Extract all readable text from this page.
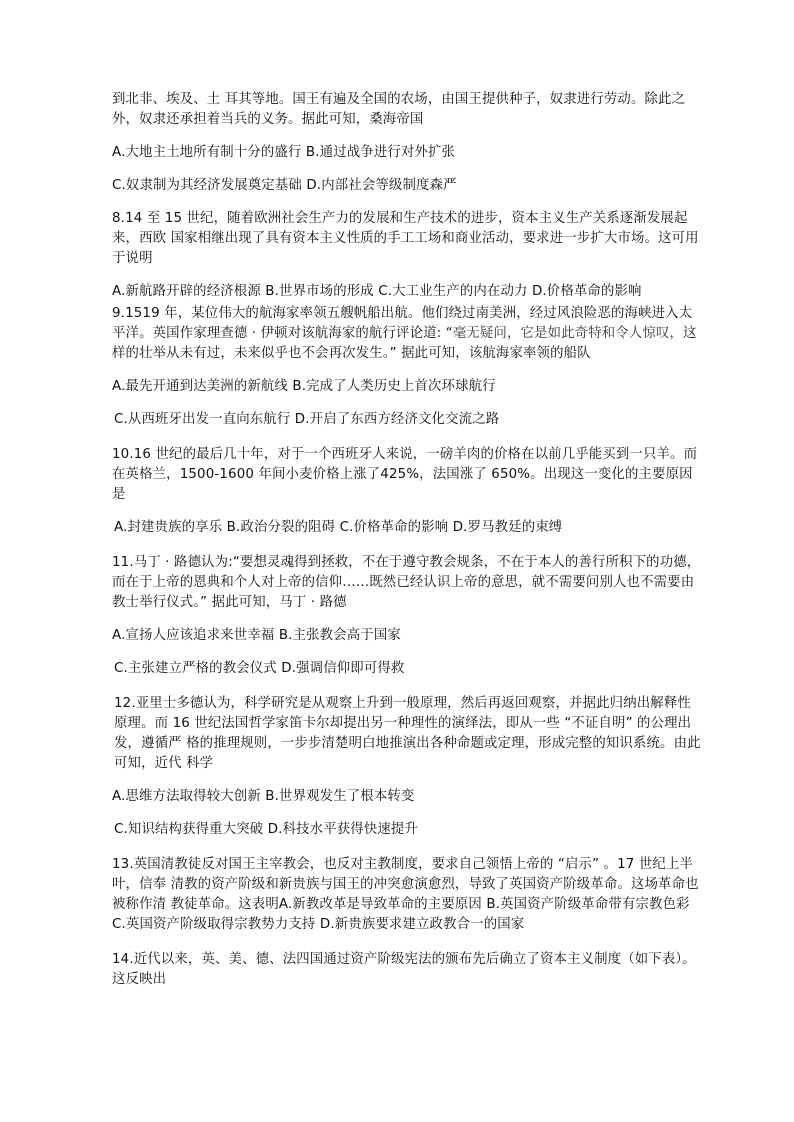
到北非、埃及、土 耳其等地。国王有遍及全国的农场，由国王提供种子，奴隶进行劳动。除此之外，奴隶还承担着当兵的义务。据此可知，桑海帝国

A.大地主土地所有制十分的盛行 B.通过战争进行对外扩张

C.奴隶制为其经济发展奠定基础 D.内部社会等级制度森严

8.14 至 15 世纪，随着欧洲社会生产力的发展和生产技术的进步，资本主义生产关系逐渐发展起来，西欧 国家相继出现了具有资本主义性质的手工工场和商业活动，要求进一步扩大市场。这可用于说明

A.新航路开辟的经济根源 B.世界市场的形成 C.大工业生产的内在动力 D.价格革命的影响

9.1519 年，某位伟大的航海家率领五艘帆船出航。他们绕过南美洲，经过风浪险恶的海峡进入太平洋。英国作家理查德 · 伊顿对该航海家的航行评论道: “毫无疑问，它是如此奇特和令人惊叹，这样的壮举从未有过，未来似乎也不会再次发生。” 据此可知，该航海家率领的船队

A.最先开通到达美洲的新航线 B.完成了人类历史上首次环球航行

C.从西班牙出发一直向东航行 D.开启了东西方经济文化交流之路

10.16 世纪的最后几十年，对于一个西班牙人来说，一磅羊肉的价格在以前几乎能买到一只羊。而在英格兰，1500-1600 年间小麦价格上涨了425%，法国涨了 650%。出现这一变化的主要原因是

A.封建贵族的享乐 B.政治分裂的阻碍 C.价格革命的影响 D.罗马教廷的束缚

11.马丁 · 路德认为:“要想灵魂得到拯救，不在于遵守教会规条，不在于本人的善行所积下的功德，而在于上帝的恩典和个人对上帝的信仰……既然已经认识上帝的意思，就不需要问别人也不需要由教士举行仪式。” 据此可知，马丁 · 路德

A.宣扬人应该追求来世幸福 B.主张教会高于国家

C.主张建立严格的教会仪式 D.强调信仰即可得救

12.亚里士多德认为，科学研究是从观察上升到一般原理，然后再返回观察，并据此归纳出解释性原理。而 16 世纪法国哲学家笛卡尔却提出另一种理性的演绎法，即从一些 “不证自明” 的公理出发，遵循严 格的推理规则，一步步清楚明白地推演出各种命题或定理，形成完整的知识系统。由此可知，近代 科学

A.思维方法取得较大创新 B.世界观发生了根本转变

C.知识结构获得重大突破 D.科技水平获得快速提升

13.英国清教徒反对国王主宰教会，也反对主教制度，要求自己领悟上帝的 “启示” 。17 世纪上半叶，信奉 清教的资产阶级和新贵族与国王的冲突愈演愈烈，导致了英国资产阶级革命。这场革命也被称作清 教徒革命。这表明A.新教改革是导致革命的主要原因 B.英国资产阶级革命带有宗教色彩 C.英国资产阶级取得宗教势力支持 D.新贵族要求建立政教合一的国家

14.近代以来，英、美、德、法四国通过资产阶级宪法的颁布先后确立了资本主义制度（如下表）。这反映出
